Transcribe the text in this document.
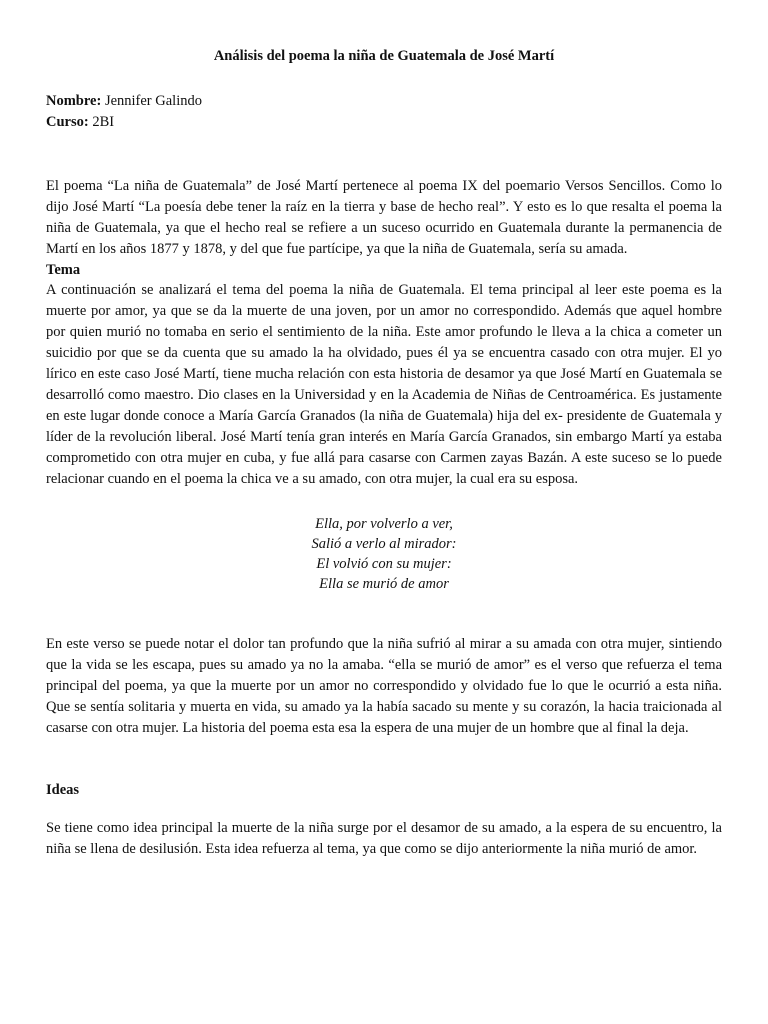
Análisis del poema la niña de Guatemala de José Martí

Nombre: Jennifer Galindo

Curso: 2BI

El poema “La niña de Guatemala” de José Martí pertenece al poema IX del poemario Versos Sencillos. Como lo dijo José Martí “La poesía debe tener la raíz en la tierra y base de hecho real”. Y esto es lo que resalta el poema la niña de Guatemala, ya que el hecho real se refiere a un suceso ocurrido en Guatemala durante la permanencia de Martí en los años 1877 y 1878, y del que fue partícipe, ya que la niña de Guatemala, sería su amada.

Tema

A continuación se analizará el tema del poema la niña de Guatemala. El tema principal al leer este poema es la muerte por amor, ya que se da la muerte de una joven, por un amor no correspondido. Además que aquel hombre por quien murió no tomaba en serio el sentimiento de la niña. Este amor profundo le lleva a la chica a cometer un suicidio por que se da cuenta que su amado la ha olvidado, pues él ya se encuentra casado con otra mujer. El yo lírico en este caso José Martí, tiene mucha relación con esta historia de desamor ya que José Martí en Guatemala se desarrolló como maestro. Dio clases en la Universidad y en la Academia de Niñas de Centroamérica. Es justamente en este lugar donde conoce a María García Granados (la niña de Guatemala) hija del ex- presidente de Guatemala y líder de la revolución liberal. José Martí tenía gran interés en María García Granados, sin embargo Martí ya estaba comprometido con otra mujer en cuba, y fue allá para casarse con Carmen zayas Bazán. A este suceso se lo puede relacionar cuando en el poema la chica ve a su amado, con otra mujer, la cual era su esposa.

Ella, por volverlo a ver,
Salió a verlo al mirador:
El volvió con su mujer:
Ella se murió de amor

En este verso se puede notar el dolor tan profundo que la niña sufrió al mirar a su amada con otra mujer, sintiendo que la vida se les escapa, pues su amado ya no la amaba. “ella se murió de amor” es el verso que refuerza el tema principal del poema, ya que la muerte por un amor no correspondido y olvidado fue lo que le ocurrió a esta niña. Que se sentía solitaria y muerta en vida, su amado ya la había sacado su mente y su corazón, la hacia traicionada al casarse con otra mujer. La historia del poema esta esa la espera de una mujer de un hombre que al final la deja.

Ideas

Se tiene como idea principal la muerte de la niña surge por el desamor de su amado, a la espera de su encuentro, la niña se llena de desilusión. Esta idea refuerza al tema, ya que como se dijo anteriormente la niña murió de amor.
